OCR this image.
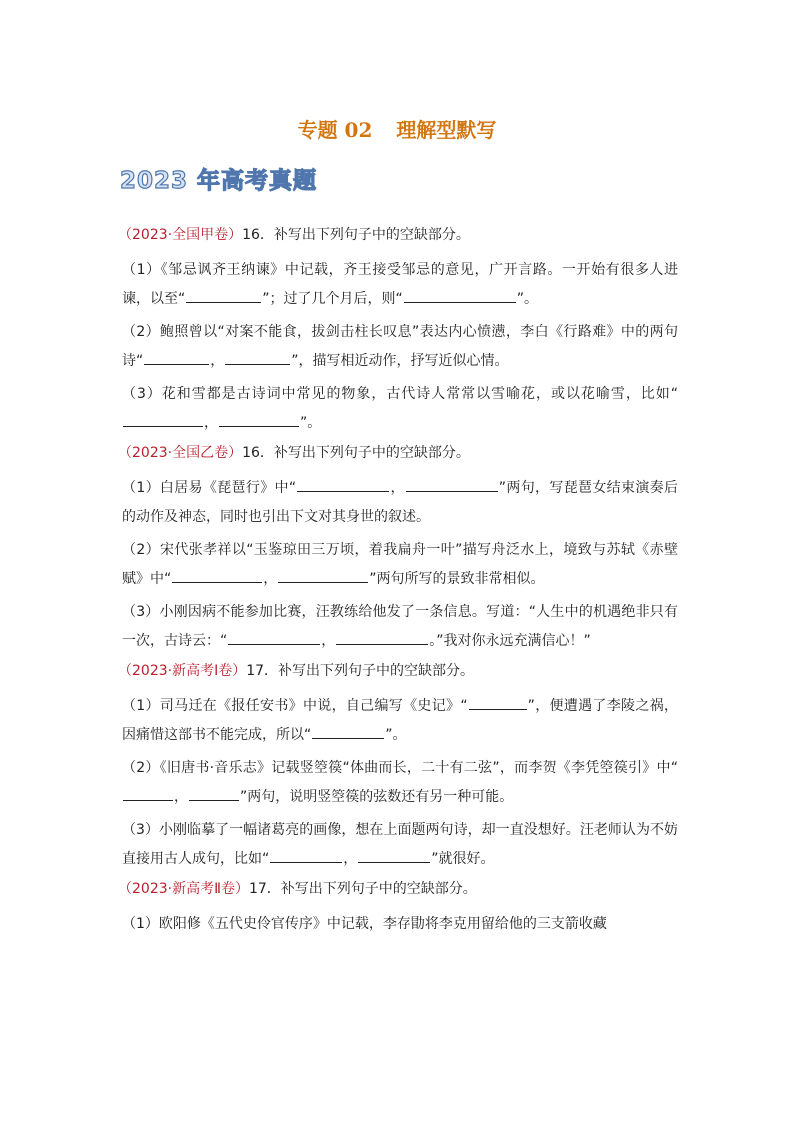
专题 02 理解型默写
2023 年高考真题

（2023·全国甲卷）16．补写出下列句子中的空缺部分。

（1）《邹忌讽齐王纳谏》中记载，齐王接受邹忌的意见，广开言路。一开始有很多人进谏，以至“	”；过了几个月后，则“	”。

（2）鲍照曾以“对案不能食，拔剑击柱长叹息”表达内心愤懑，李白《行路难》中的两句诗“	，	”，描写相近动作，抒写近似心情。

（3）花和雪都是古诗词中常见的物象，古代诗人常常以雪喻花，或以花喻雪，比如“，	”。

（2023·全国乙卷）16．补写出下列句子中的空缺部分。

（1）白居易《琵琶行》中“	，	”两句，写琵琶女结束演奏后的动作及神态，同时也引出下文对其身世的叙述。

（2）宋代张孝祥以“玉鉴琼田三万顷，着我扁舟一叶”描写舟泛水上，境致与苏轼《赤壁赋》中“	，	”两句所写的景致非常相似。

（3）小刚因病不能参加比赛，汪教练给他发了一条信息。写道：“人生中的机遇绝非只有一次，古诗云：“	，	。”我对你永远充满信心！”

（2023·新高考Ⅰ卷）17．补写出下列句子中的空缺部分。

（1）司马迁在《报任安书》中说，自己编写《史记》“	”，便遭遇了李陵之祸，因痛惜这部书不能完成，所以“	”。

（2）《旧唐书·音乐志》记载竖箜篌“体曲而长，二十有二弦”，而李贺《李凭箜篌引》中“，	”两句，说明竖箜篌的弦数还有另一种可能。

（3）小刚临摹了一幅诸葛亮的画像，想在上面题两句诗，却一直没想好。汪老师认为不妨直接用古人成句，比如“	，	”就很好。

（2023·新高考Ⅱ卷）17．补写出下列句子中的空缺部分。

（1）欧阳修《五代史伶官传序》中记载，李存勖将李克用留给他的三支箭收藏
